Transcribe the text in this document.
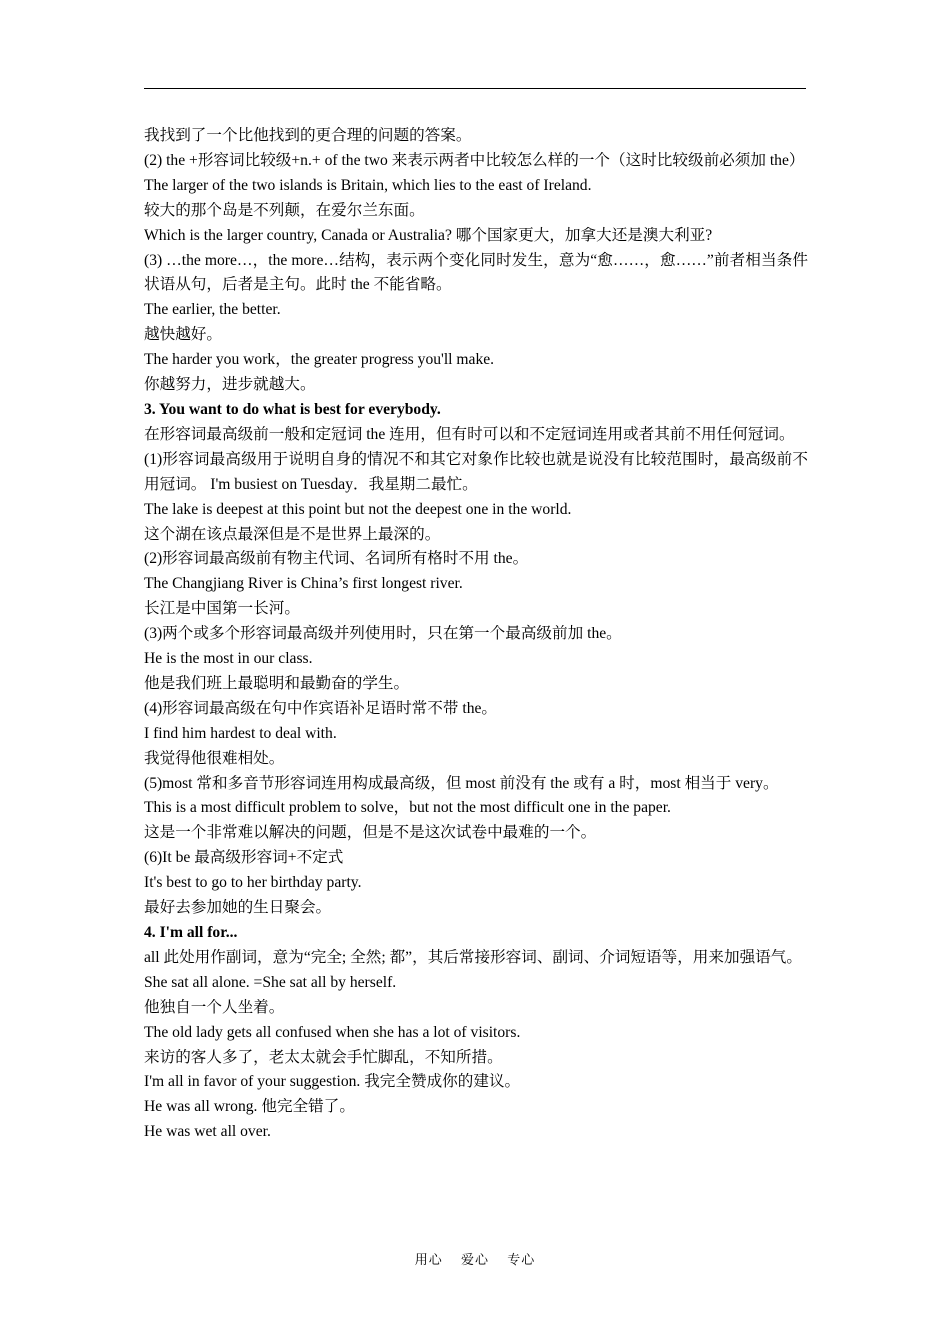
我找到了一个比他找到的更合理的问题的答案。

(2) the +形容词比较级+n.+ of the two 来表示两者中比较怎么样的一个（这时比较级前必须加 the）

The larger of the two islands is Britain, which lies to the east of Ireland.

较大的那个岛是不列颠，在爱尔兰东面。

Which is the larger country, Canada or Australia? 哪个国家更大，加拿大还是澳大利亚?

(3) …the more…，the more…结构，表示两个变化同时发生，意为“愈……，愈……”前者相当条件状语从句，后者是主句。此时 the 不能省略。

The earlier, the better.

越快越好。

The harder you work，the greater progress you'll make.

你越努力，进步就越大。

3. You want to do what is best for everybody.

在形容词最高级前一般和定冠词 the 连用，但有时可以和不定冠词连用或者其前不用任何冠词。

(1)形容词最高级用于说明自身的情况不和其它对象作比较也就是说没有比较范围时，最高级前不用冠词。 I'm busiest on Tuesday．我星期二最忙。

The lake is deepest at this point but not the deepest one in the world.

这个湖在该点最深但是不是世界上最深的。

(2)形容词最高级前有物主代词、名词所有格时不用 the。

The Changjiang River is China’s first longest river.

长江是中国第一长河。

(3)两个或多个形容词最高级并列使用时，只在第一个最高级前加 the。

He is the most in our class.

他是我们班上最聪明和最勤奋的学生。

(4)形容词最高级在句中作宾语补足语时常不带 the。

I find him hardest to deal with.

我觉得他很难相处。

(5)most 常和多音节形容词连用构成最高级，但 most 前没有 the 或有 a 时，most 相当于 very。

This is a most difficult problem to solve，but not the most difficult one in the paper.

这是一个非常难以解决的问题，但是不是这次试卷中最难的一个。

(6)It be 最高级形容词+不定式

It's best to go to her birthday party.

最好去参加她的生日聚会。

4. I'm all for...

all 此处用作副词，意为“完全; 全然; 都”，其后常接形容词、副词、介词短语等，用来加强语气。

She sat all alone. =She sat all by herself.

他独自一个人坐着。

The old lady gets all confused when she has a lot of visitors.

来访的客人多了，老太太就会手忙脚乱，不知所措。

I'm all in favor of your suggestion. 我完全赞成你的建议。

He was all wrong. 他完全错了。

He was wet all over.

用心 爱心 专心
